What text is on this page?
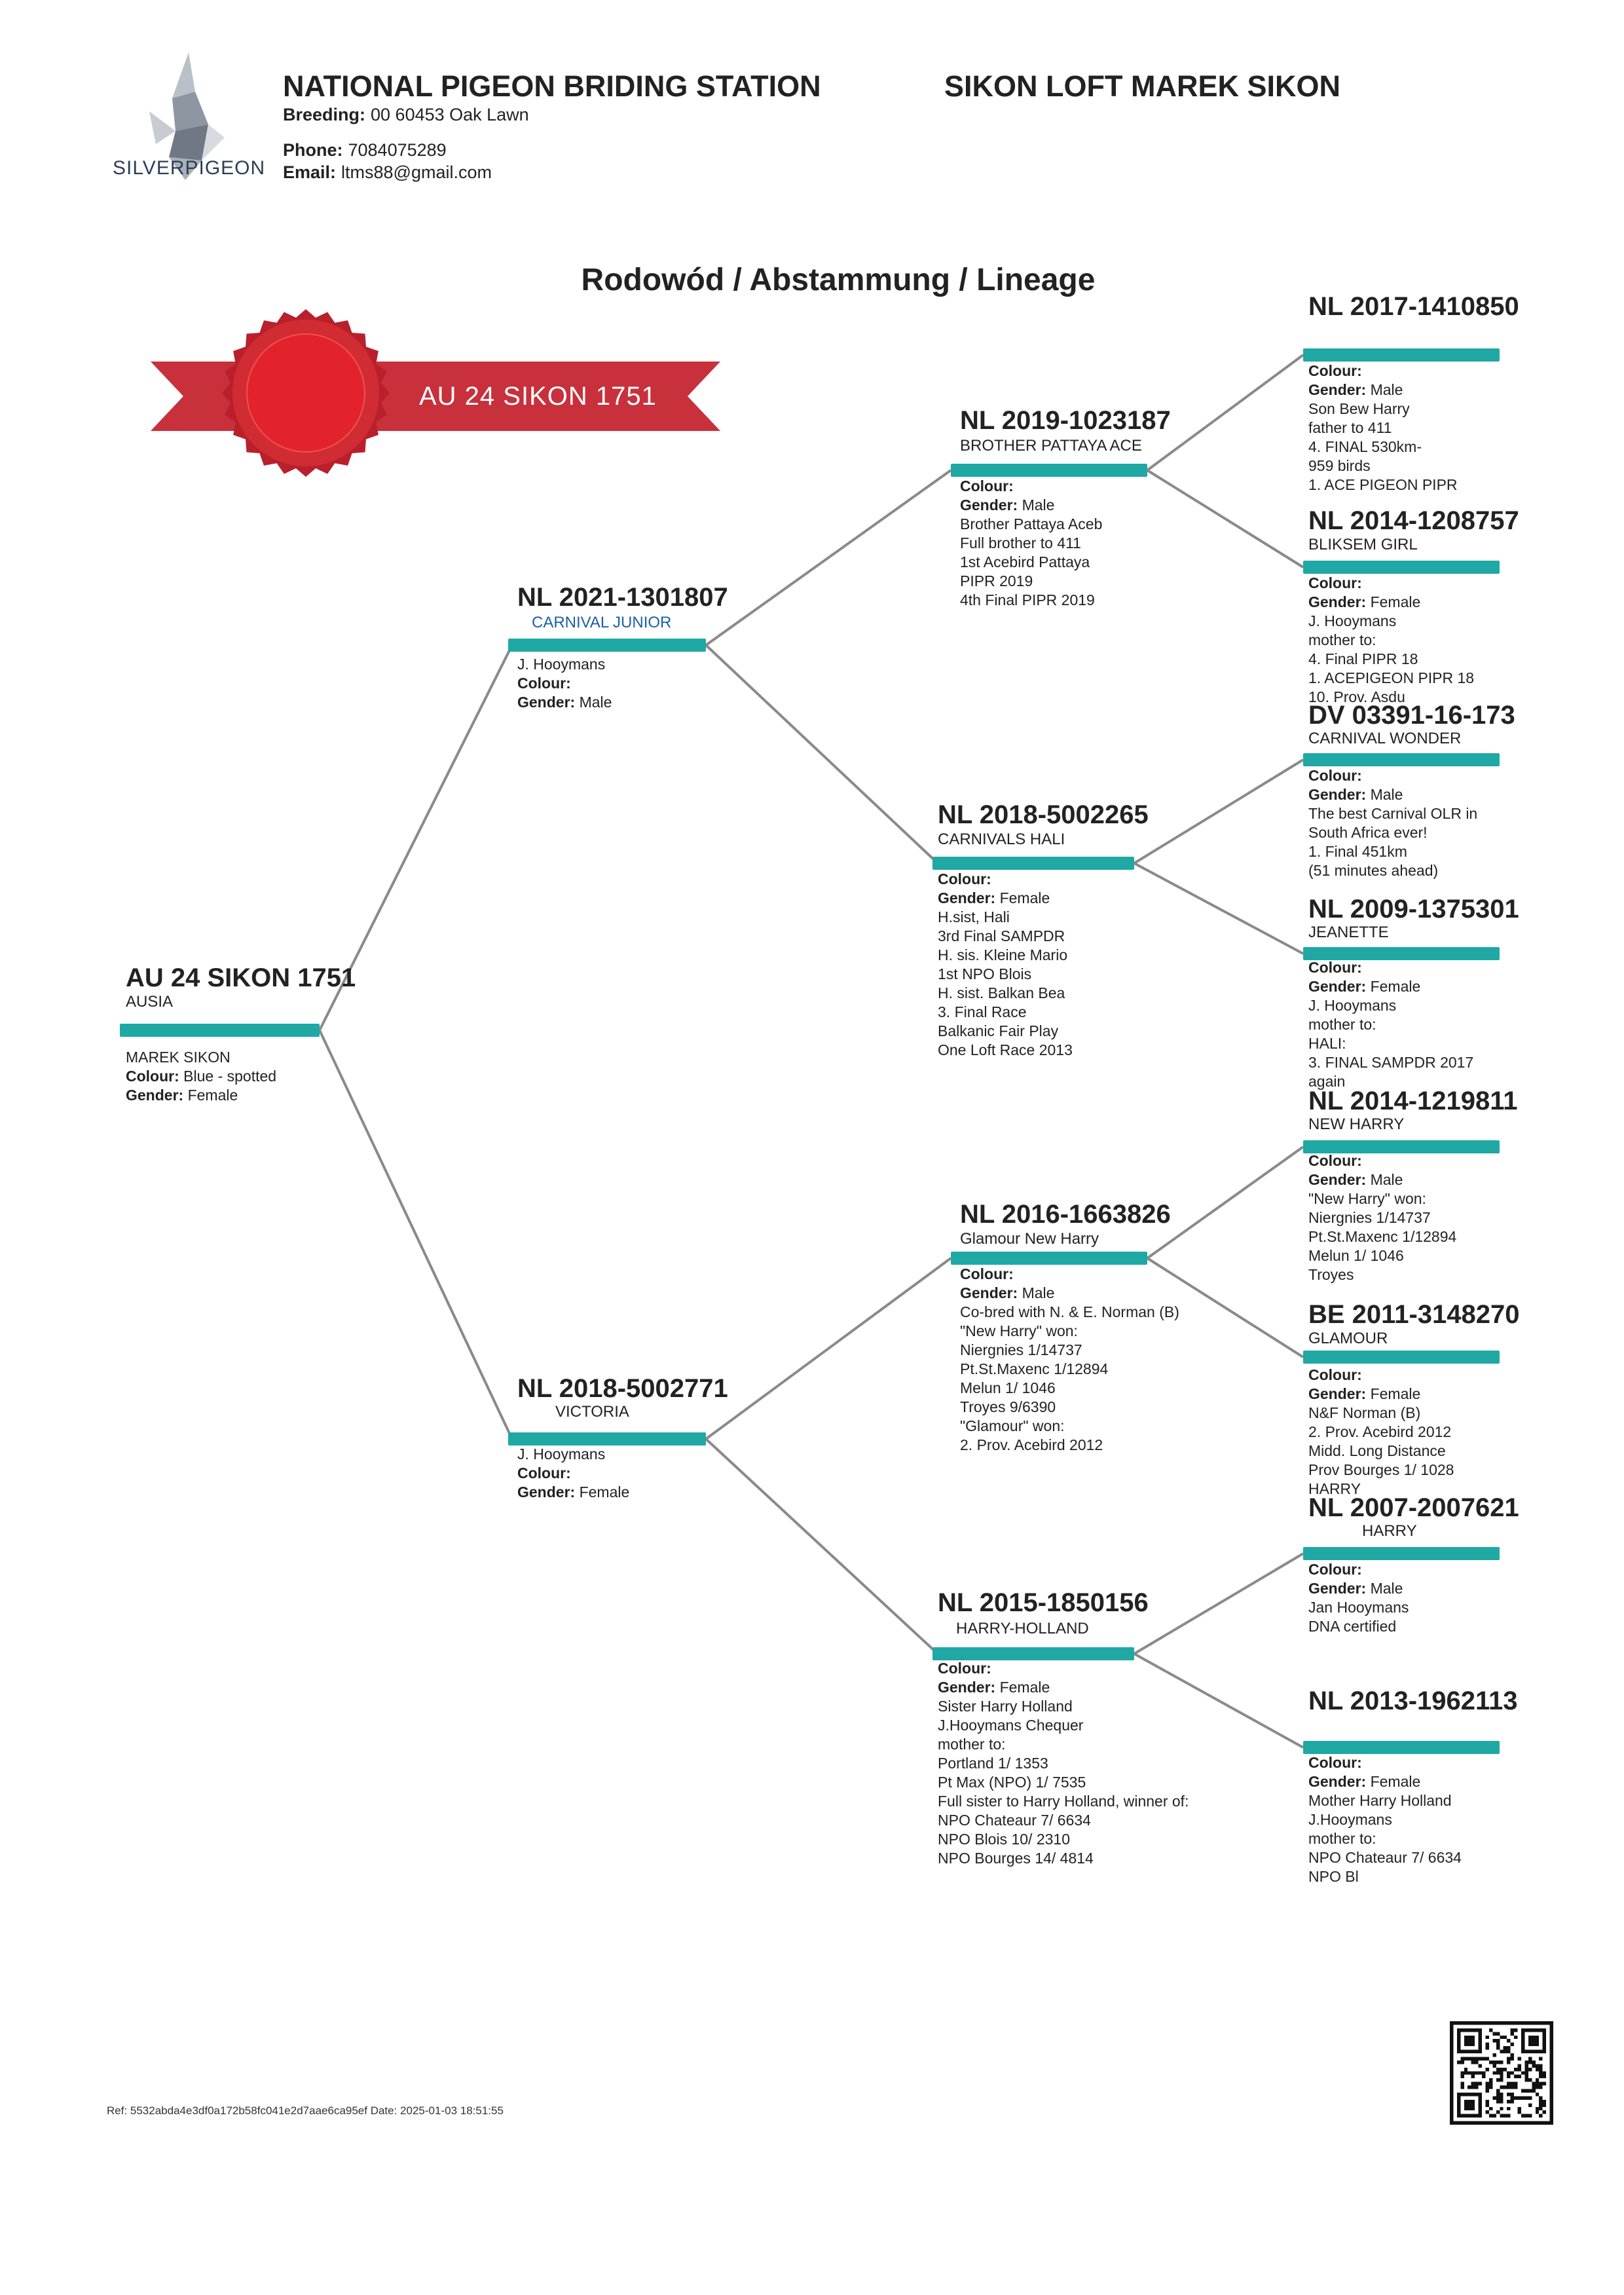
SILVERPIGEON
NATIONAL PIGEON BRIDING STATION	SIKON LOFT MAREK SIKON
Breeding: 00 60453 Oak Lawn
Phone: 7084075289
Email: ltms88@gmail.com
Rodowód / Abstammung / Lineage
AU 24 SIKON 1751
AU 24 SIKON 1751
AUSIA
MAREK SIKON
Colour: Blue - spotted
Gender: Female
NL 2021-1301807
CARNIVAL JUNIOR
J. Hooymans
Colour:
Gender: Male
NL 2018-5002771
VICTORIA
J. Hooymans
Colour:
Gender: Female
NL 2019-1023187
BROTHER PATTAYA ACE
Colour:
Gender: Male
Brother Pattaya Aceb
Full brother to 411
1st Acebird Pattaya
PIPR 2019
4th Final PIPR 2019
NL 2018-5002265
CARNIVALS HALI
Colour:
Gender: Female
H.sist, Hali
3rd Final SAMPDR
H. sis. Kleine Mario
1st NPO Blois
H. sist. Balkan Bea
3. Final Race
Balkanic Fair Play
One Loft Race 2013
NL 2016-1663826
Glamour New Harry
Colour:
Gender: Male
Co-bred with N. & E. Norman (B)
"New Harry" won:
Niergnies 1/14737
Pt.St.Maxenc 1/12894
Melun 1/ 1046
Troyes 9/6390
"Glamour" won:
2. Prov. Acebird 2012
NL 2015-1850156
HARRY-HOLLAND
Colour:
Gender: Female
Sister Harry Holland
J.Hooymans Chequer
mother to:
Portland 1/ 1353
Pt Max (NPO) 1/ 7535
Full sister to Harry Holland, winner of:
NPO Chateaur 7/ 6634
NPO Blois 10/ 2310
NPO Bourges 14/ 4814
NL 2017-1410850
Colour:
Gender: Male
Son Bew Harry
father to 411
4. FINAL 530km-
959 birds
1. ACE PIGEON PIPR
NL 2014-1208757
BLIKSEM GIRL
Colour:
Gender: Female
J. Hooymans
mother to:
4. Final PIPR 18
1. ACEPIGEON PIPR 18
10. Prov. Asdu
DV 03391-16-173
CARNIVAL WONDER
Colour:
Gender: Male
The best Carnival OLR in
South Africa ever!
1. Final 451km
(51 minutes ahead)
NL 2009-1375301
JEANETTE
Colour:
Gender: Female
J. Hooymans
mother to:
HALI:
3. FINAL SAMPDR 2017
again
NL 2014-1219811
NEW HARRY
Colour:
Gender: Male
"New Harry" won:
Niergnies 1/14737
Pt.St.Maxenc 1/12894
Melun 1/ 1046
Troyes
BE 2011-3148270
GLAMOUR
Colour:
Gender: Female
N&F Norman (B)
2. Prov. Acebird 2012
Midd. Long Distance
Prov Bourges 1/ 1028
HARRY
NL 2007-2007621
HARRY
Colour:
Gender: Male
Jan Hooymans
DNA certified
NL 2013-1962113
Colour:
Gender: Female
Mother Harry Holland
J.Hooymans
mother to:
NPO Chateaur 7/ 6634
NPO Bl
Ref: 5532abda4e3df0a172b58fc041e2d7aae6ca95ef Date: 2025-01-03 18:51:55
